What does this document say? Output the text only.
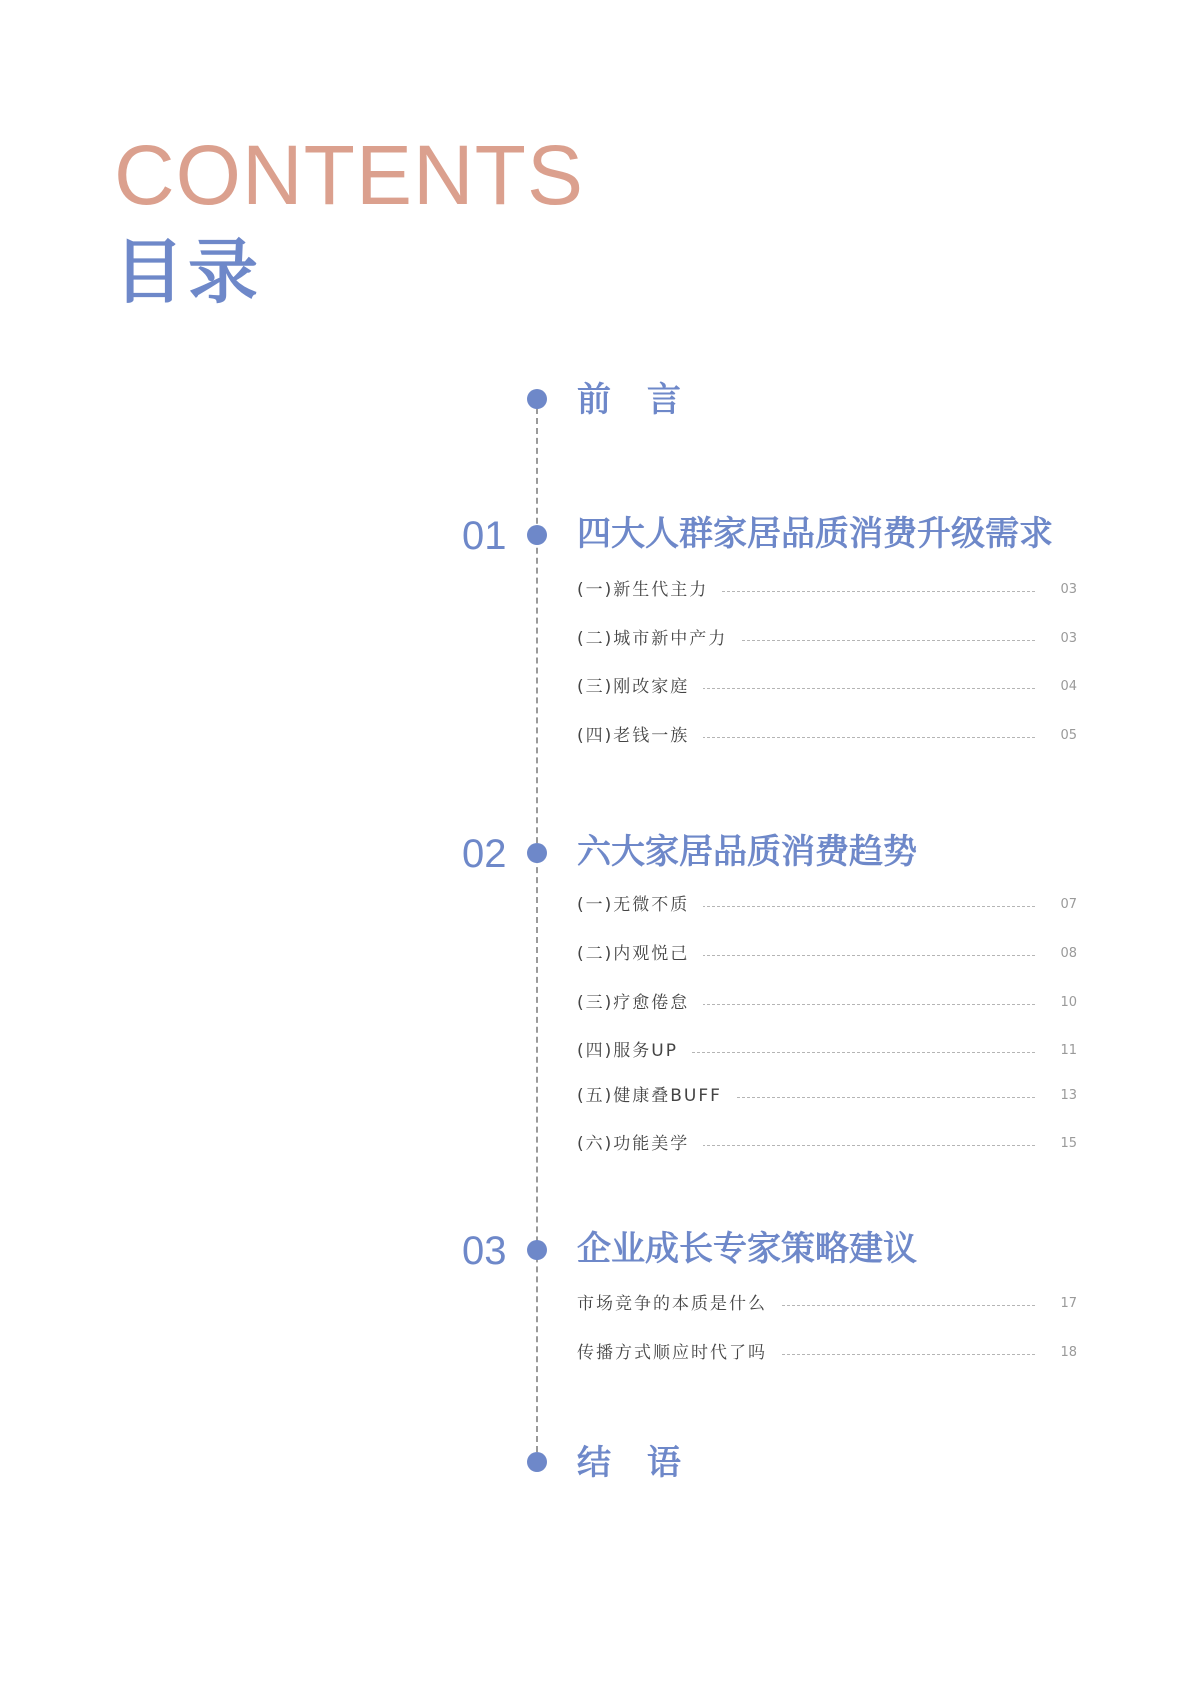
CONTENTS
目录
前 言
01 四大人群家居品质消费升级需求
(一)新生代主力	03
(二)城市新中产力	03
(三)刚改家庭	04
(四)老钱一族	05
02 六大家居品质消费趋势
(一)无微不质	07
(二)内观悦己	08
(三)疗愈倦怠	10
(四)服务UP	11
(五)健康叠BUFF	13
(六)功能美学	15
03 企业成长专家策略建议
市场竞争的本质是什么	17
传播方式顺应时代了吗	18
结 语
